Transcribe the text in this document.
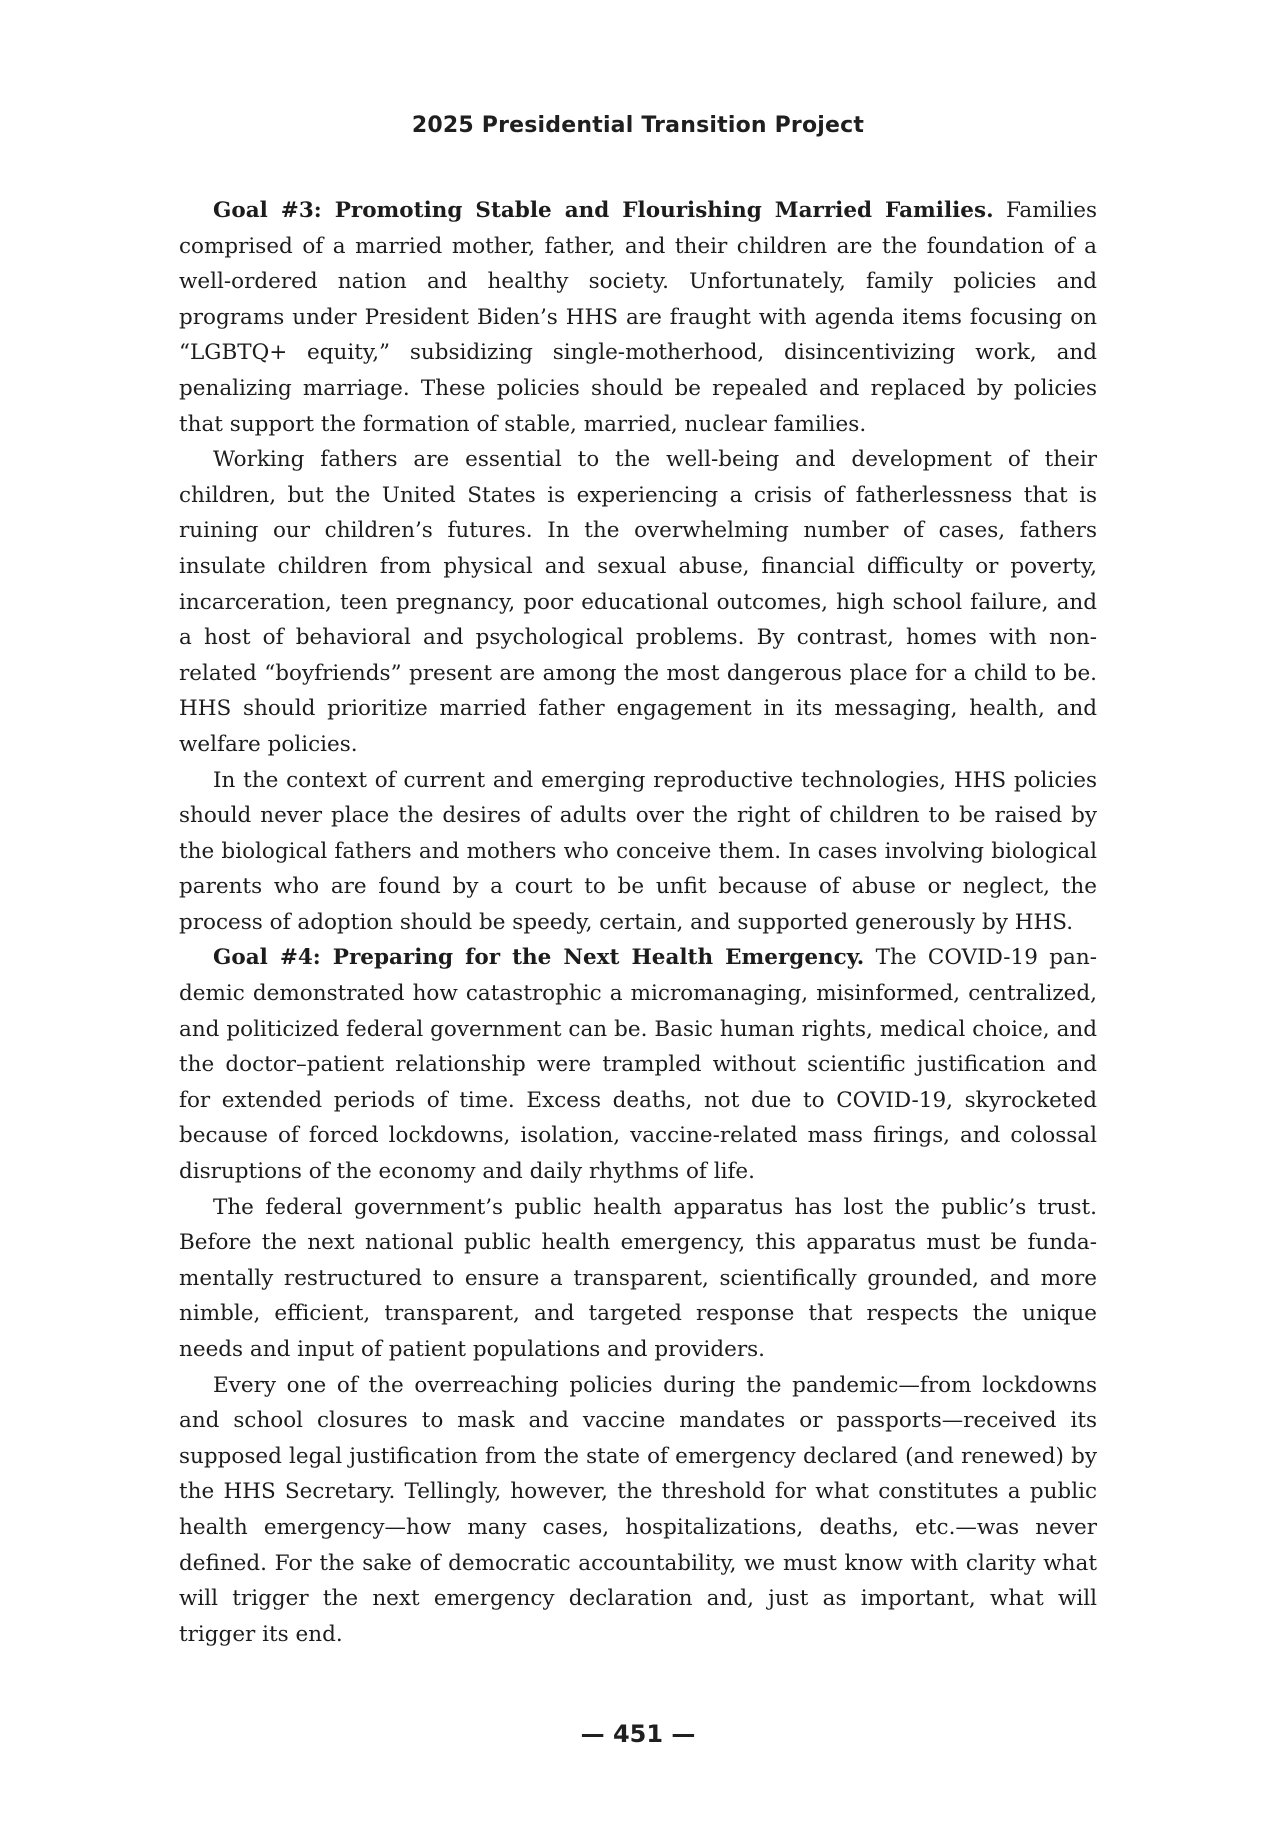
2025 Presidential Transition Project

Goal #3: Promoting Stable and Flourishing Married Families. Families comprised of a married mother, father, and their children are the foundation of a well-ordered nation and healthy society. Unfortunately, family policies and programs under President Biden’s HHS are fraught with agenda items focusing on “LGBTQ+ equity,” subsidizing single-motherhood, disincentivizing work, and penalizing marriage. These policies should be repealed and replaced by policies that support the formation of stable, married, nuclear families.

Working fathers are essential to the well-being and development of their children, but the United States is experiencing a crisis of fatherlessness that is ruining our children’s futures. In the overwhelming number of cases, fathers insulate children from physical and sexual abuse, financial difficulty or poverty, incarceration, teen pregnancy, poor educational outcomes, high school failure, and a host of behavioral and psychological problems. By contrast, homes with non-related “boyfriends” present are among the most dangerous place for a child to be. HHS should prioritize married father engagement in its messaging, health, and welfare policies.

In the context of current and emerging reproductive technologies, HHS policies should never place the desires of adults over the right of children to be raised by the biological fathers and mothers who conceive them. In cases involving biological parents who are found by a court to be unfit because of abuse or neglect, the process of adoption should be speedy, certain, and supported generously by HHS.

Goal #4: Preparing for the Next Health Emergency. The COVID-19 pandemic demonstrated how catastrophic a micromanaging, misinformed, centralized, and politicized federal government can be. Basic human rights, medical choice, and the doctor–patient relationship were trampled without scientific justification and for extended periods of time. Excess deaths, not due to COVID-19, skyrocketed because of forced lockdowns, isolation, vaccine-related mass firings, and colossal disruptions of the economy and daily rhythms of life.

The federal government’s public health apparatus has lost the public’s trust. Before the next national public health emergency, this apparatus must be fundamentally restructured to ensure a transparent, scientifically grounded, and more nimble, efficient, transparent, and targeted response that respects the unique needs and input of patient populations and providers.

Every one of the overreaching policies during the pandemic—from lockdowns and school closures to mask and vaccine mandates or passports—received its supposed legal justification from the state of emergency declared (and renewed) by the HHS Secretary. Tellingly, however, the threshold for what constitutes a public health emergency—how many cases, hospitalizations, deaths, etc.—was never defined. For the sake of democratic accountability, we must know with clarity what will trigger the next emergency declaration and, just as important, what will trigger its end.

— 451 —
